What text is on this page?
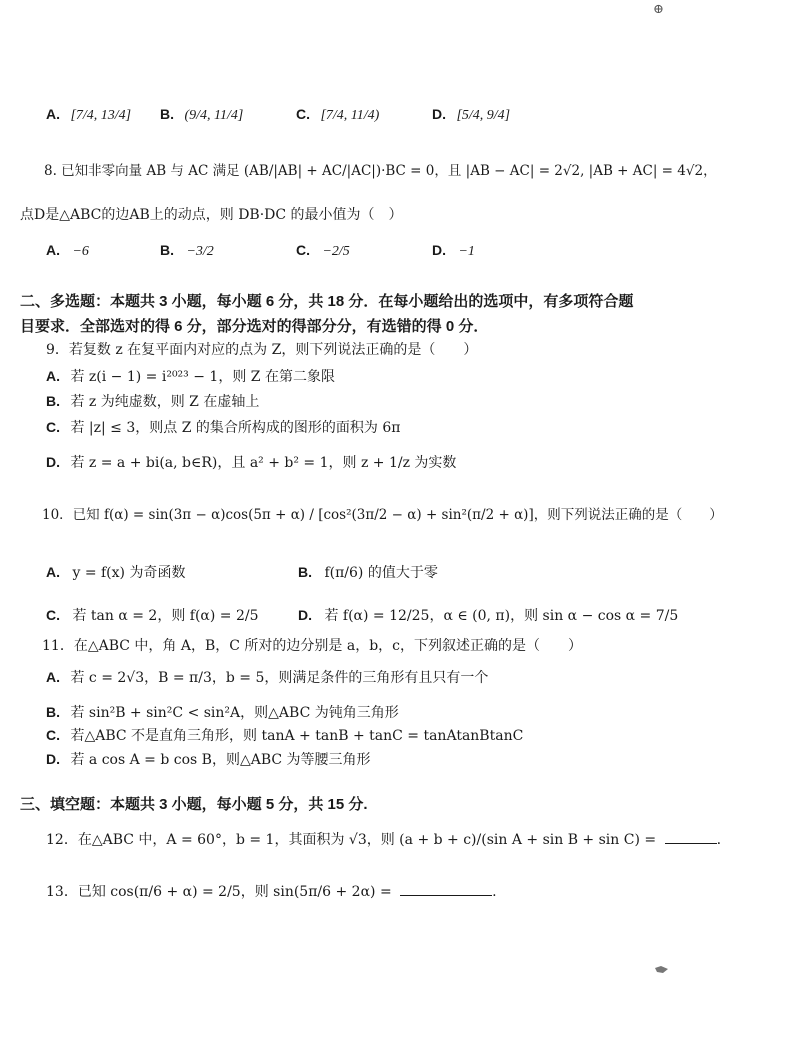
⊕
A. [7/4, 13/4] B. (9/4, 11/4]	C. [7/4, 11/4)	D. [5/4, 9/4]
8. 已知非零向量 AB 与 AC 满足 (AB/|AB| + AC/|AC|)·BC = 0，且 |AB − AC| = 2√2, |AB + AC| = 4√2，
点D是△ABC的边AB上的动点，则 DB·DC 的最小值为（　）
A. −6	B. −3/2	C. −2/5	D. −1
二、多选题：本题共 3 小题，每小题 6 分，共 18 分．在每小题给出的选项中，有多项符合题
目要求．全部选对的得 6 分，部分选对的得部分分，有选错的得 0 分．
9．若复数 z 在复平面内对应的点为 Z，则下列说法正确的是（　　）
A. 若 z(i − 1) = i²⁰²³ − 1，则 Z 在第二象限
B. 若 z 为纯虚数，则 Z 在虚轴上
C. 若 |z| ≤ 3，则点 Z 的集合所构成的图形的面积为 6π
D. 若 z = a + bi(a, b∈R)，且 a² + b² = 1，则 z + 1/z 为实数
10．已知 f(α) = sin(3π − α)cos(5π + α) / [cos²(3π/2 − α) + sin²(π/2 + α)]，则下列说法正确的是（　　）
A. y = f(x) 为奇函数	B. f(π/6) 的值大于零
C. 若 tan α = 2，则 f(α) = 2/5	D. 若 f(α) = 12/25，α ∈ (0, π)，则 sin α − cos α = 7/5
11．在△ABC 中，角 A，B，C 所对的边分别是 a，b，c，下列叙述正确的是（　　）
A. 若 c = 2√3，B = π/3，b = 5，则满足条件的三角形有且只有一个
B. 若 sin²B + sin²C < sin²A，则△ABC 为钝角三角形
C. 若△ABC 不是直角三角形，则 tanA + tanB + tanC = tanAtanBtanC
D. 若 a cos A = b cos B，则△ABC 为等腰三角形
三、填空题：本题共 3 小题，每小题 5 分，共 15 分.
12．在△ABC 中，A = 60°，b = 1，其面积为 √3，则 (a + b + c)/(sin A + sin B + sin C) =	.
13．已知 cos(π/6 + α) = 2/5，则 sin(5π/6 + 2α) =	.
